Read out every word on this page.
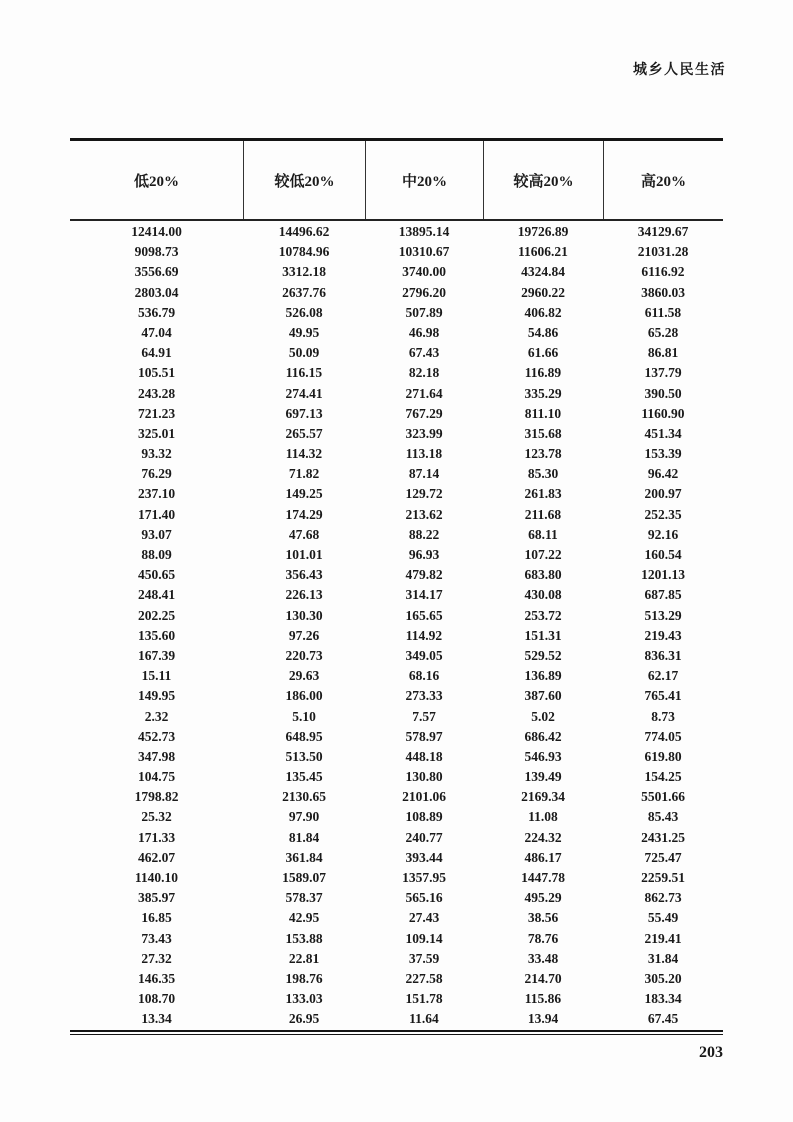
城乡人民生活
低20%	较低20%	中20%	较高20%	高20%
12414.00	14496.62	13895.14	19726.89	34129.67
9098.73	10784.96	10310.67	11606.21	21031.28
3556.69	3312.18	3740.00	4324.84	6116.92
2803.04	2637.76	2796.20	2960.22	3860.03
536.79	526.08	507.89	406.82	611.58
47.04	49.95	46.98	54.86	65.28
64.91	50.09	67.43	61.66	86.81
105.51	116.15	82.18	116.89	137.79
243.28	274.41	271.64	335.29	390.50
721.23	697.13	767.29	811.10	1160.90
325.01	265.57	323.99	315.68	451.34
93.32	114.32	113.18	123.78	153.39
76.29	71.82	87.14	85.30	96.42
237.10	149.25	129.72	261.83	200.97
171.40	174.29	213.62	211.68	252.35
93.07	47.68	88.22	68.11	92.16
88.09	101.01	96.93	107.22	160.54
450.65	356.43	479.82	683.80	1201.13
248.41	226.13	314.17	430.08	687.85
202.25	130.30	165.65	253.72	513.29
135.60	97.26	114.92	151.31	219.43
167.39	220.73	349.05	529.52	836.31
15.11	29.63	68.16	136.89	62.17
149.95	186.00	273.33	387.60	765.41
2.32	5.10	7.57	5.02	8.73
452.73	648.95	578.97	686.42	774.05
347.98	513.50	448.18	546.93	619.80
104.75	135.45	130.80	139.49	154.25
1798.82	2130.65	2101.06	2169.34	5501.66
25.32	97.90	108.89	11.08	85.43
171.33	81.84	240.77	224.32	2431.25
462.07	361.84	393.44	486.17	725.47
1140.10	1589.07	1357.95	1447.78	2259.51
385.97	578.37	565.16	495.29	862.73
16.85	42.95	27.43	38.56	55.49
73.43	153.88	109.14	78.76	219.41
27.32	22.81	37.59	33.48	31.84
146.35	198.76	227.58	214.70	305.20
108.70	133.03	151.78	115.86	183.34
13.34	26.95	11.64	13.94	67.45
203
